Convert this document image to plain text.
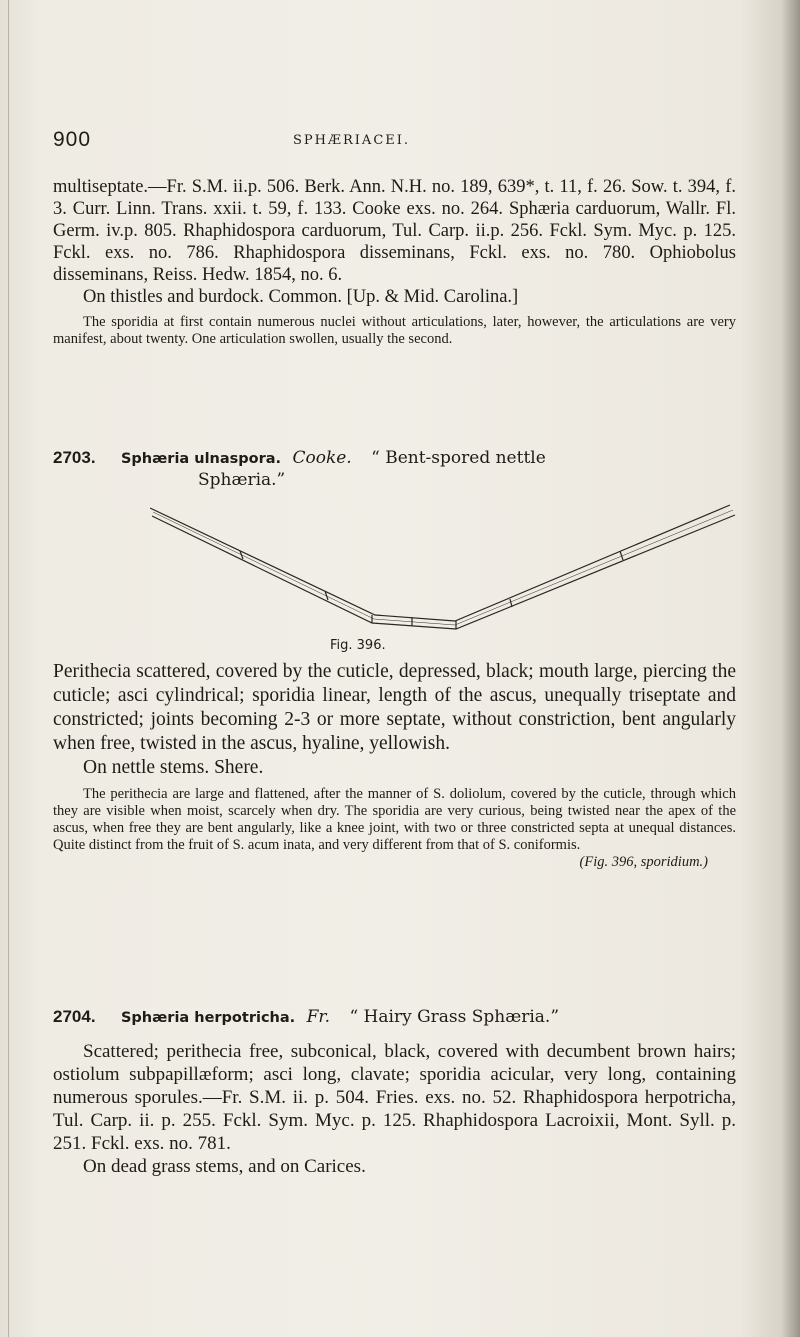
900	SPHÆRIACEI.
multiseptate.—Fr. S.M. ii.p. 506. Berk. Ann. N.H. no. 189, 639*, t. 11, f. 26. Sow. t. 394, f. 3. Curr. Linn. Trans. xxii. t. 59, f. 133. Cooke exs. no. 264. Sphæria carduorum, Wallr. Fl. Germ. iv.p. 805. Rhaphidospora carduorum, Tul. Carp. ii.p. 256. Fckl. Sym. Myc. p. 125. Fckl. exs. no. 786. Rhaphidospora disseminans, Fckl. exs. no. 780. Ophiobolus disseminans, Reiss. Hedw. 1854, no. 6.
On thistles and burdock. Common. [Up. & Mid. Carolina.]
The sporidia at first contain numerous nuclei without articulations, later, however, the articulations are very manifest, about twenty. One articulation swollen, usually the second.
2703. Sphæria ulnaspora. Cooke. “ Bent-spored nettle
Sphæria.”
Fig. 396.
Perithecia scattered, covered by the cuticle, depressed, black; mouth large, piercing the cuticle; asci cylindrical; sporidia linear, length of the ascus, unequally triseptate and constricted; joints becoming 2-3 or more septate, without constriction, bent angularly when free, twisted in the ascus, hyaline, yellowish.
On nettle stems. Shere.
The perithecia are large and flattened, after the manner of S. doliolum, covered by the cuticle, through which they are visible when moist, scarcely when dry. The sporidia are very curious, being twisted near the apex of the ascus, when free they are bent angularly, like a knee joint, with two or three constricted septa at unequal distances. Quite distinct from the fruit of S. acum inata, and very different from that of S. coniformis.
(Fig. 396, sporidium.)
2704. Sphæria herpotricha. Fr. “ Hairy Grass Sphæria.”
Scattered; perithecia free, subconical, black, covered with decumbent brown hairs; ostiolum subpapillæform; asci long, clavate; sporidia acicular, very long, containing numerous sporules.—Fr. S.M. ii. p. 504. Fries. exs. no. 52. Rhaphidospora herpotricha, Tul. Carp. ii. p. 255. Fckl. Sym. Myc. p. 125. Rhaphidospora Lacroixii, Mont. Syll. p. 251. Fckl. exs. no. 781.
On dead grass stems, and on Carices.
